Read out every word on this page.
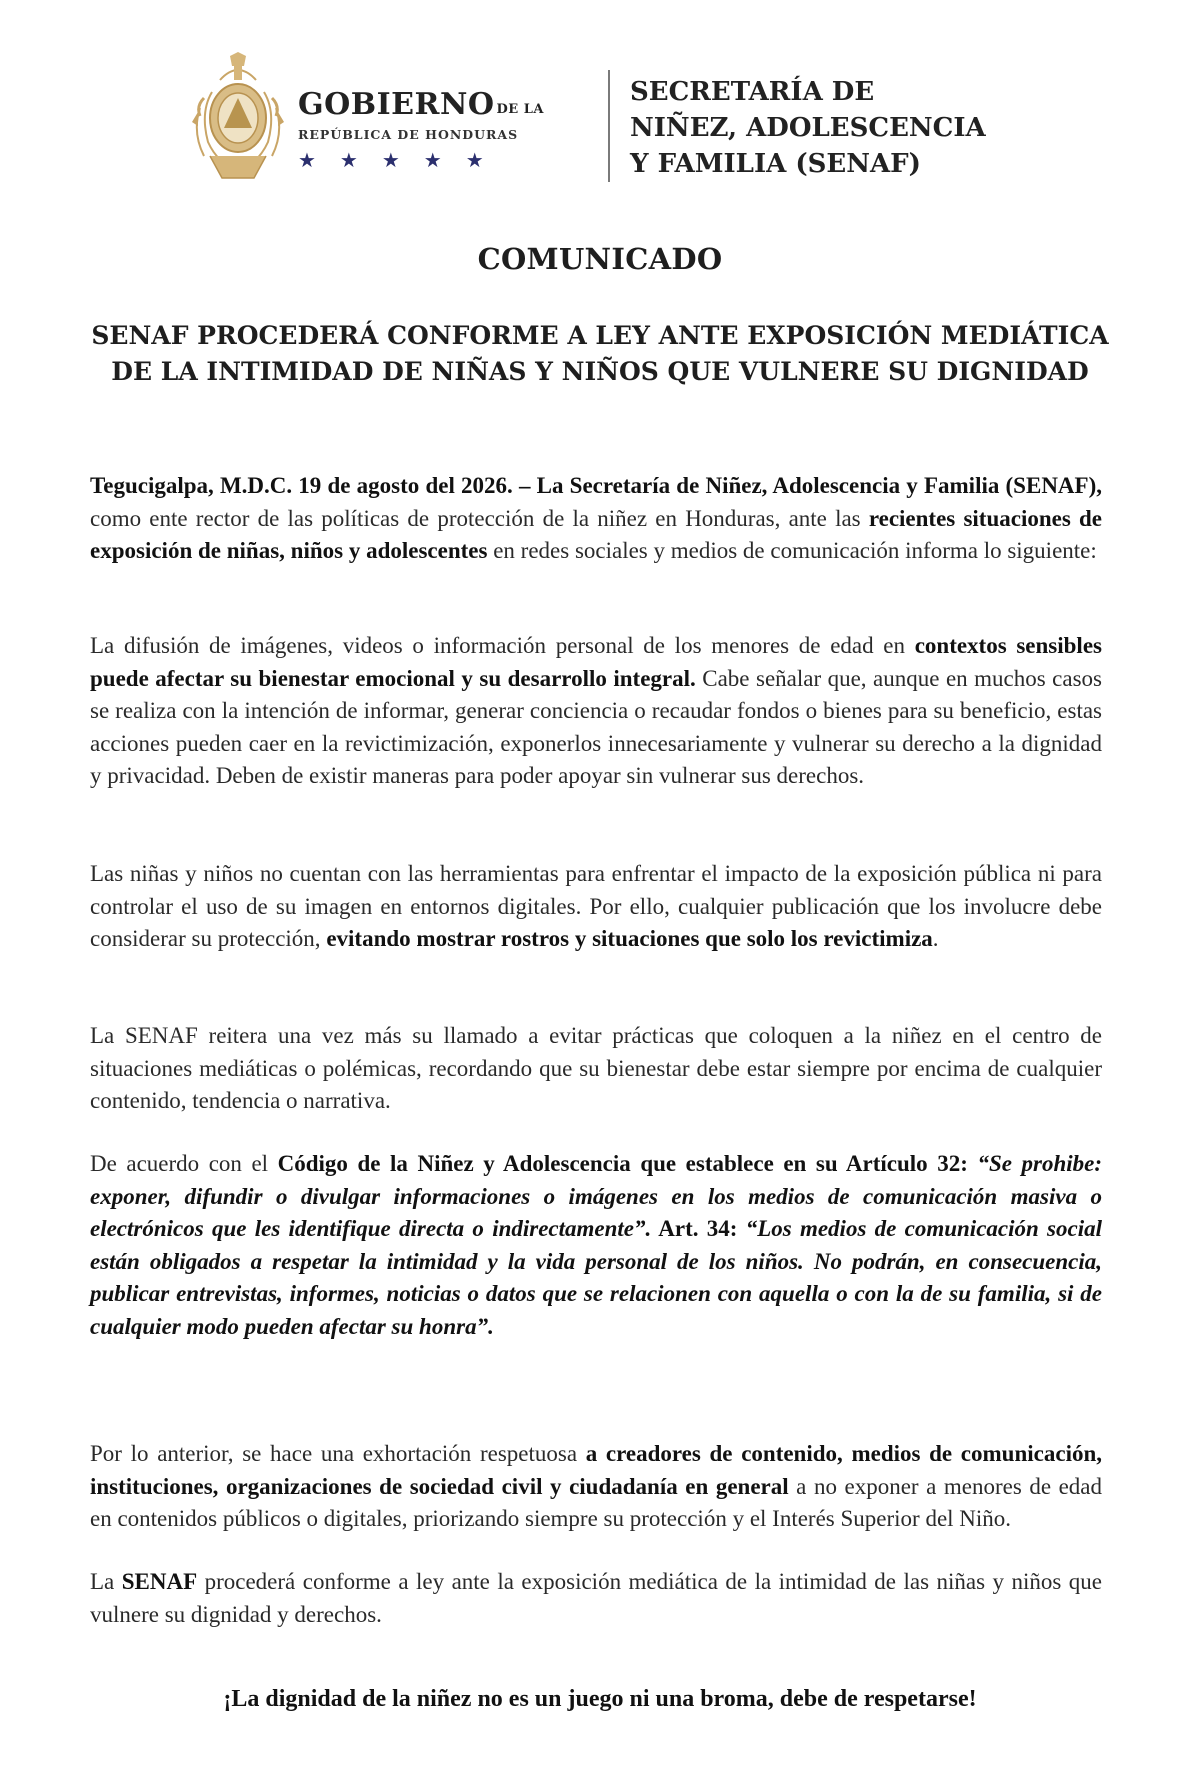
GOBIERNO DE LA
REPÚBLICA DE HONDURAS
★★★★★
SECRETARÍA DE
NIÑEZ, ADOLESCENCIA
Y FAMILIA (SENAF)
COMUNICADO
SENAF PROCEDERÁ CONFORME A LEY ANTE EXPOSICIÓN MEDIÁTICA DE LA INTIMIDAD DE NIÑAS Y NIÑOS QUE VULNERE SU DIGNIDAD
Tegucigalpa, M.D.C. 19 de agosto del 2026. – La Secretaría de Niñez, Adolescencia y Familia (SENAF), como ente rector de las políticas de protección de la niñez en Honduras, ante las recientes situaciones de exposición de niñas, niños y adolescentes en redes sociales y medios de comunicación informa lo siguiente:
La difusión de imágenes, videos o información personal de los menores de edad en contextos sensibles puede afectar su bienestar emocional y su desarrollo integral. Cabe señalar que, aunque en muchos casos se realiza con la intención de informar, generar conciencia o recaudar fondos o bienes para su beneficio, estas acciones pueden caer en la revictimización, exponerlos innecesariamente y vulnerar su derecho a la dignidad y privacidad. Deben de existir maneras para poder apoyar sin vulnerar sus derechos.
Las niñas y niños no cuentan con las herramientas para enfrentar el impacto de la exposición pública ni para controlar el uso de su imagen en entornos digitales. Por ello, cualquier publicación que los involucre debe considerar su protección, evitando mostrar rostros y situaciones que solo los revictimiza.
La SENAF reitera una vez más su llamado a evitar prácticas que coloquen a la niñez en el centro de situaciones mediáticas o polémicas, recordando que su bienestar debe estar siempre por encima de cualquier contenido, tendencia o narrativa.
De acuerdo con el Código de la Niñez y Adolescencia que establece en su Artículo 32: “Se prohibe: exponer, difundir o divulgar informaciones o imágenes en los medios de comunicación masiva o electrónicos que les identifique directa o indirectamente”. Art. 34: “Los medios de comunicación social están obligados a respetar la intimidad y la vida personal de los niños. No podrán, en consecuencia, publicar entrevistas, informes, noticias o datos que se relacionen con aquella o con la de su familia, si de cualquier modo pueden afectar su honra”.
Por lo anterior, se hace una exhortación respetuosa a creadores de contenido, medios de comunicación, instituciones, organizaciones de sociedad civil y ciudadanía en general a no exponer a menores de edad en contenidos públicos o digitales, priorizando siempre su protección y el Interés Superior del Niño.
La SENAF procederá conforme a ley ante la exposición mediática de la intimidad de las niñas y niños que vulnere su dignidad y derechos.
¡La dignidad de la niñez no es un juego ni una broma, debe de respetarse!
